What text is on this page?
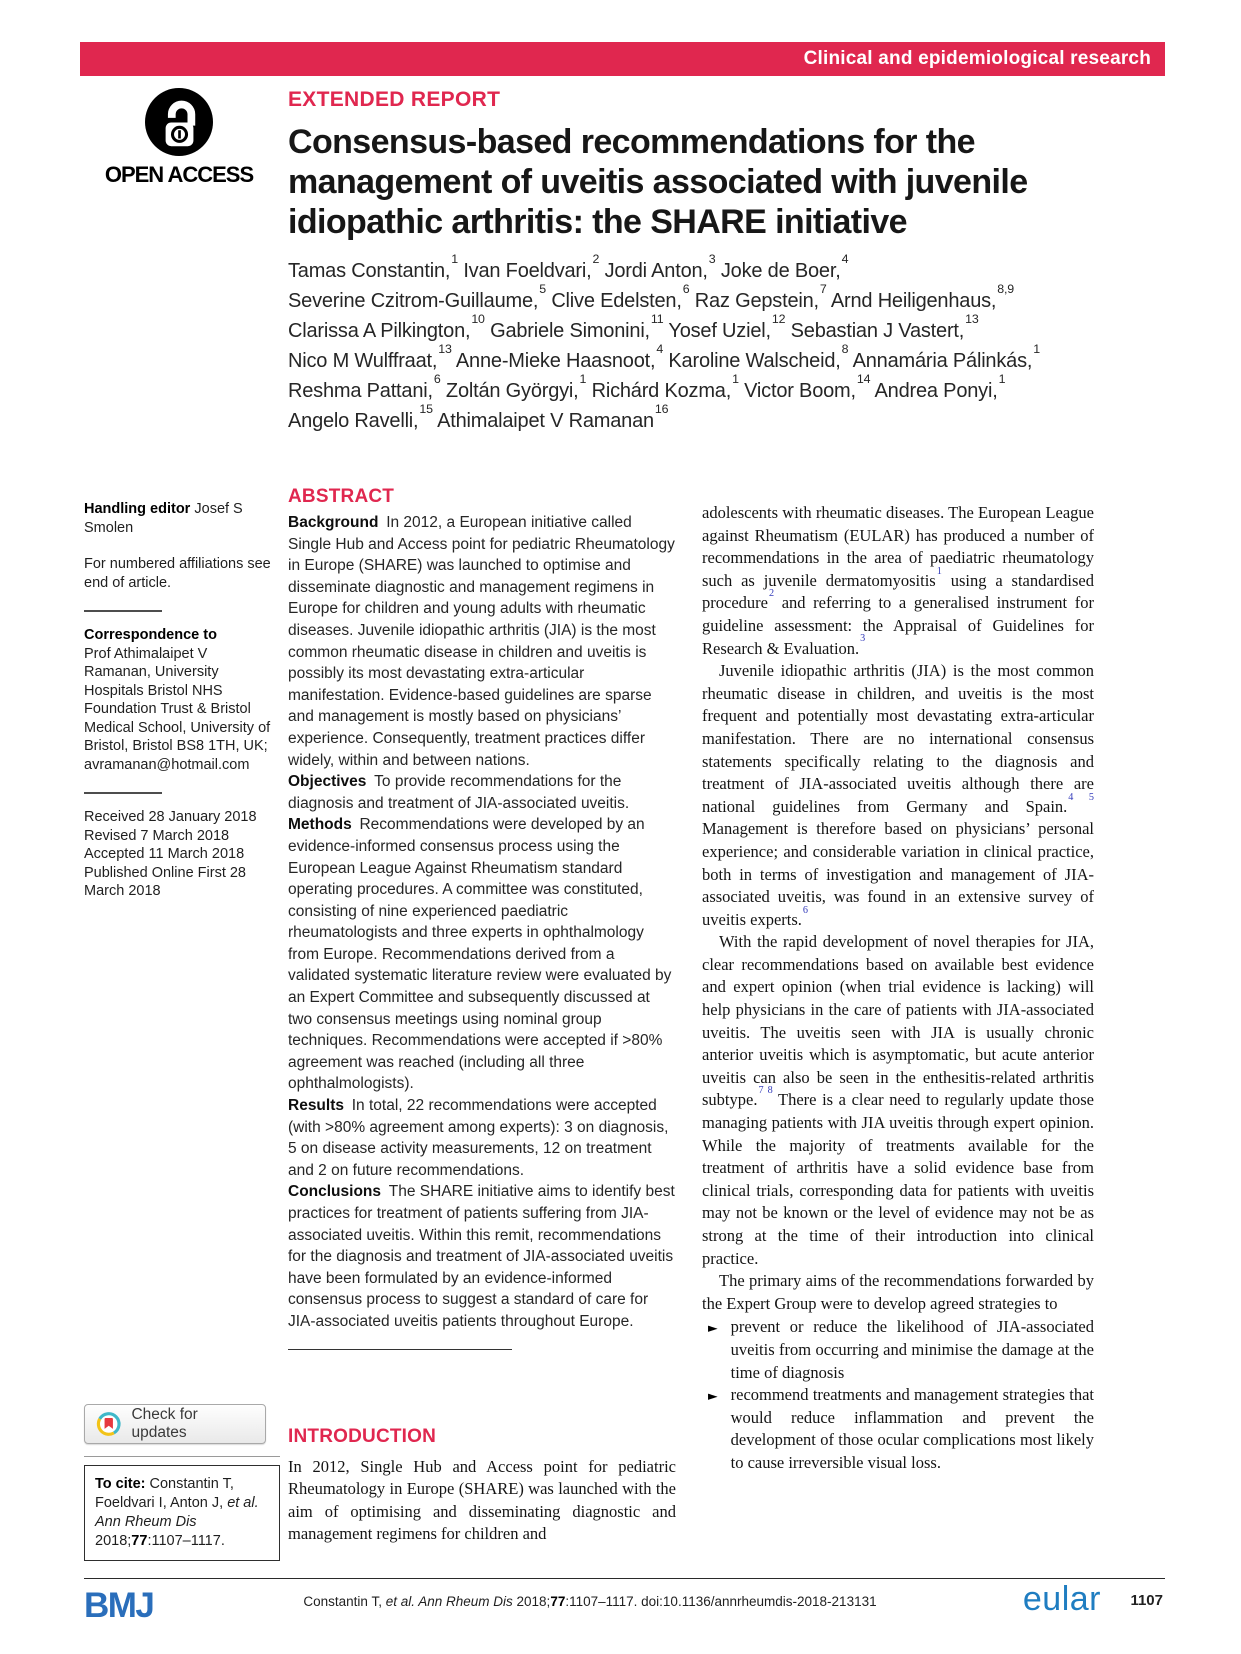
Clinical and epidemiological research
OPEN ACCESS
EXTENDED REPORT
Consensus-based recommendations for the
management of uveitis associated with juvenile
idiopathic arthritis: the SHARE initiative
Tamas Constantin,$^1$ Ivan Foeldvari,$^2$ Jordi Anton,$^3$ Joke de Boer,$^4$
Severine Czitrom-Guillaume,$^5$ Clive Edelsten,$^6$ Raz Gepstein,$^7$ Arnd Heiligenhaus,$^{8,9}$
Clarissa A Pilkington,$^{10}$ Gabriele Simonini,$^{11}$ Yosef Uziel,$^{12}$ Sebastian J Vastert,$^{13}$
Nico M Wulffraat,$^{13}$ Anne-Mieke Haasnoot,$^4$ Karoline Walscheid,$^8$ Annamária Pálinkás,$^1$
Reshma Pattani,$^6$ Zoltán Györgyi,$^1$ Richárd Kozma,$^1$ Victor Boom,$^{14}$ Andrea Ponyi,$^1$
Angelo Ravelli,$^{15}$ Athimalaipet V Ramanan$^{16}$

Handling editor Josef S Smolen

For numbered affiliations see end of article.

Correspondence to
Prof Athimalaipet V Ramanan, University Hospitals Bristol NHS Foundation Trust & Bristol Medical School, University of Bristol, Bristol BS8 1TH, UK; avramanan@hotmail.com

Received 28 January 2018
Revised 7 March 2018
Accepted 11 March 2018
Published Online First 28 March 2018
Check for updates
To cite: Constantin T, Foeldvari I, Anton J, et al. Ann Rheum Dis 2018;77:1107–1117.
ABSTRACT

Background In 2012, a European initiative called Single Hub and Access point for pediatric Rheumatology in Europe (SHARE) was launched to optimise and disseminate diagnostic and management regimens in Europe for children and young adults with rheumatic diseases. Juvenile idiopathic arthritis (JIA) is the most common rheumatic disease in children and uveitis is possibly its most devastating extra-articular manifestation. Evidence-based guidelines are sparse and management is mostly based on physicians’ experience. Consequently, treatment practices differ widely, within and between nations.

Objectives To provide recommendations for the diagnosis and treatment of JIA-associated uveitis.

Methods Recommendations were developed by an evidence-informed consensus process using the European League Against Rheumatism standard operating procedures. A committee was constituted, consisting of nine experienced paediatric rheumatologists and three experts in ophthalmology from Europe. Recommendations derived from a validated systematic literature review were evaluated by an Expert Committee and subsequently discussed at two consensus meetings using nominal group techniques. Recommendations were accepted if >80% agreement was reached (including all three ophthalmologists).

Results In total, 22 recommendations were accepted (with >80% agreement among experts): 3 on diagnosis, 5 on disease activity measurements, 12 on treatment and 2 on future recommendations.

Conclusions The SHARE initiative aims to identify best practices for treatment of patients suffering from JIA-associated uveitis. Within this remit, recommendations for the diagnosis and treatment of JIA-associated uveitis have been formulated by an evidence-informed consensus process to suggest a standard of care for JIA-associated uveitis patients throughout Europe.

INTRODUCTION

In 2012, Single Hub and Access point for pediatric Rheumatology in Europe (SHARE) was launched with the aim of optimising and disseminating diagnostic and management regimens for children and

adolescents with rheumatic diseases. The European League against Rheumatism (EULAR) has produced a number of recommendations in the area of paediatric rheumatology such as juvenile dermatomyositis$^1$ using a standardised procedure$^2$ and referring to a generalised instrument for guideline assessment: the Appraisal of Guidelines for Research & Evaluation.$^3$

Juvenile idiopathic arthritis (JIA) is the most common rheumatic disease in children, and uveitis is the most frequent and potentially most devastating extra-articular manifestation. There are no international consensus statements specifically relating to the diagnosis and treatment of JIA-associated uveitis although there are national guidelines from Germany and Spain.$^{4 5}$ Management is therefore based on physicians’ personal experience; and considerable variation in clinical practice, both in terms of investigation and management of JIA-associated uveitis, was found in an extensive survey of uveitis experts.$^6$

With the rapid development of novel therapies for JIA, clear recommendations based on available best evidence and expert opinion (when trial evidence is lacking) will help physicians in the care of patients with JIA-associated uveitis. The uveitis seen with JIA is usually chronic anterior uveitis which is asymptomatic, but acute anterior uveitis can also be seen in the enthesitis-related arthritis subtype.$^{7 8}$ There is a clear need to regularly update those managing patients with JIA uveitis through expert opinion. While the majority of treatments available for the treatment of arthritis have a solid evidence base from clinical trials, corresponding data for patients with uveitis may not be known or the level of evidence may not be as strong at the time of their introduction into clinical practice.

The primary aims of the recommendations forwarded by the Expert Group were to develop agreed strategies to

► prevent or reduce the likelihood of JIA-associated uveitis from occurring and minimise the damage at the time of diagnosis
► recommend treatments and management strategies that would reduce inflammation and prevent the development of those ocular complications most likely to cause irreversible visual loss.
BMJ	Constantin T, et al. Ann Rheum Dis 2018;77:1107–1117. doi:10.1136/annrheumdis-2018-213131	eular 1107
